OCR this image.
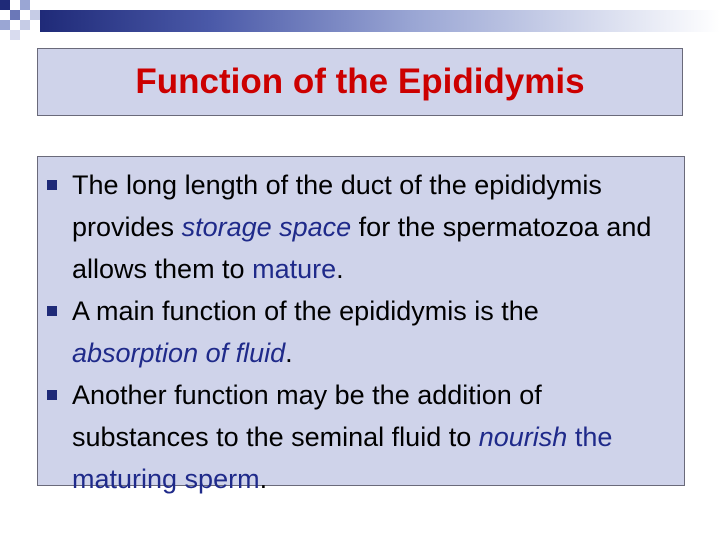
Function of the Epididymis
The long length of the duct of the epididymis provides storage space for the spermatozoa and allows them to mature.
A main function of the epididymis is the absorption of fluid.
Another function may be the addition of substances to the seminal fluid to nourish the maturing sperm.
